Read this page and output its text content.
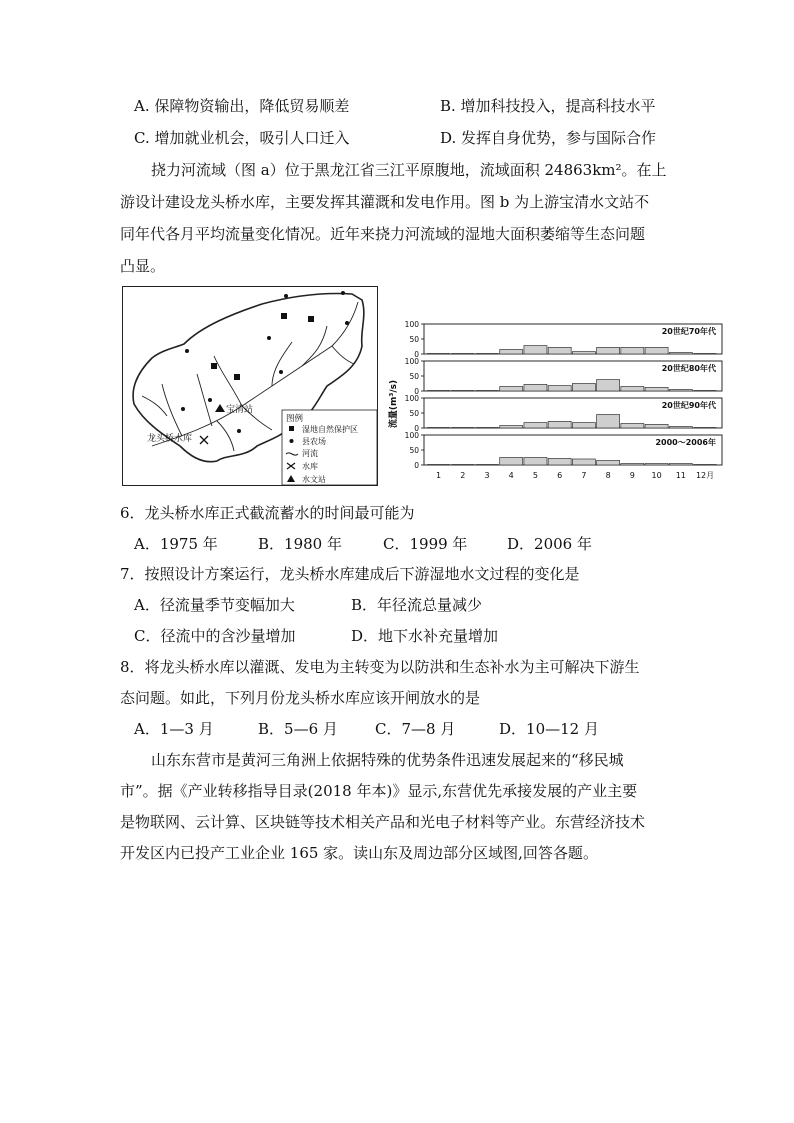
A. 保障物资输出，降低贸易顺差	B. 增加科技投入，提高科技水平
C. 增加就业机会，吸引人口迁入	D. 发挥自身优势，参与国际合作
挠力河流域（图 a）位于黑龙江省三江平原腹地，流域面积 24863km²。在上
游设计建设龙头桥水库，主要发挥其灌溉和发电作用。图 b 为上游宝清水文站不
同年代各月平均流量变化情况。近年来挠力河流域的湿地大面积萎缩等生态问题
凸显。
宝清站
龙头桥水库
图例
湿地自然保护区
县农场
河流
水库
水文站
流量(m³/s)
100
50
0
20世纪70年代
100
50
0
20世纪80年代
100
50
0
20世纪90年代
100
50
0
2000～2006年
1 2 3 4 5 6 7 8 9 10 11 12月
6．龙头桥水库正式截流蓄水的时间最可能为
A．1975 年	B．1980 年	C．1999 年	D．2006 年
7．按照设计方案运行，龙头桥水库建成后下游湿地水文过程的变化是
A．径流量季节变幅加大	B．年径流总量减少
C．径流中的含沙量增加	D．地下水补充量增加
8．将龙头桥水库以灌溉、发电为主转变为以防洪和生态补水为主可解决下游生
态问题。如此，下列月份龙头桥水库应该开闸放水的是
A．1—3 月	B．5—6 月 C．7—8 月	D．10—12 月
山东东营市是黄河三角洲上依据特殊的优势条件迅速发展起来的“移民城
市”。据《产业转移指导目录(2018 年本)》显示,东营优先承接发展的产业主要
是物联网、云计算、区块链等技术相关产品和光电子材料等产业。东营经济技术
开发区内已投产工业企业 165 家。读山东及周边部分区域图,回答各题。
